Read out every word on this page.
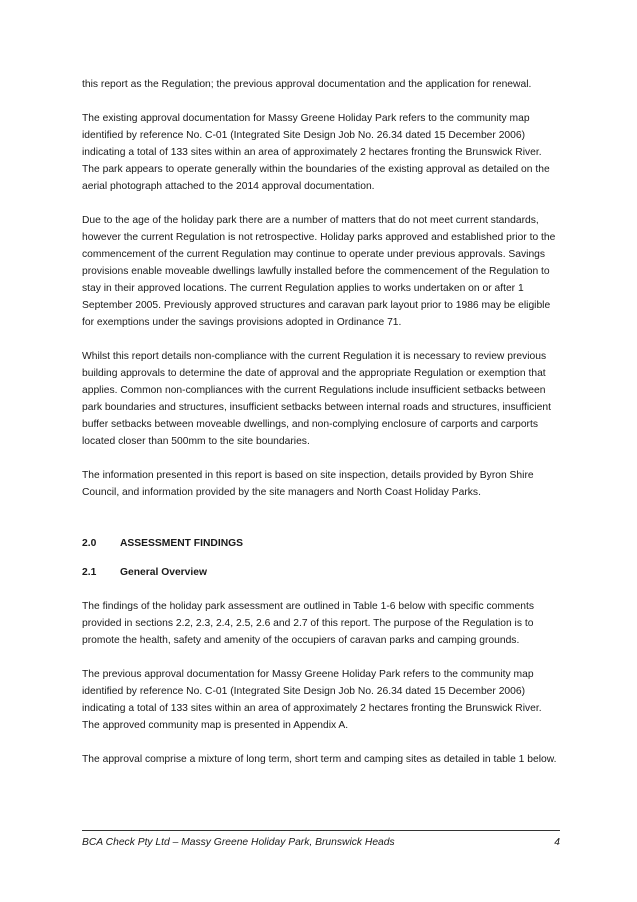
this report as the Regulation; the previous approval documentation and the application for renewal.

The existing approval documentation for Massy Greene Holiday Park refers to the community map identified by reference No. C-01 (Integrated Site Design Job No. 26.34 dated 15 December 2006) indicating a total of 133 sites within an area of approximately 2 hectares fronting the Brunswick River. The park appears to operate generally within the boundaries of the existing approval as detailed on the aerial photograph attached to the 2014 approval documentation.

Due to the age of the holiday park there are a number of matters that do not meet current standards, however the current Regulation is not retrospective. Holiday parks approved and established prior to the commencement of the current Regulation may continue to operate under previous approvals. Savings provisions enable moveable dwellings lawfully installed before the commencement of the Regulation to stay in their approved locations. The current Regulation applies to works undertaken on or after 1 September 2005. Previously approved structures and caravan park layout prior to 1986 may be eligible for exemptions under the savings provisions adopted in Ordinance 71.

Whilst this report details non-compliance with the current Regulation it is necessary to review previous building approvals to determine the date of approval and the appropriate Regulation or exemption that applies. Common non-compliances with the current Regulations include insufficient setbacks between park boundaries and structures, insufficient setbacks between internal roads and structures, insufficient buffer setbacks between moveable dwellings, and non-complying enclosure of carports and carports located closer than 500mm to the site boundaries.

The information presented in this report is based on site inspection, details provided by Byron Shire Council, and information provided by the site managers and North Coast Holiday Parks.

2.0	ASSESSMENT FINDINGS
2.1	General Overview

The findings of the holiday park assessment are outlined in Table 1-6 below with specific comments provided in sections 2.2, 2.3, 2.4, 2.5, 2.6 and 2.7 of this report. The purpose of the Regulation is to promote the health, safety and amenity of the occupiers of caravan parks and camping grounds.

The previous approval documentation for Massy Greene Holiday Park refers to the community map identified by reference No. C-01 (Integrated Site Design Job No. 26.34 dated 15 December 2006) indicating a total of 133 sites within an area of approximately 2 hectares fronting the Brunswick River. The approved community map is presented in Appendix A.

The approval comprise a mixture of long term, short term and camping sites as detailed in table 1 below.

BCA Check Pty Ltd – Massy Greene Holiday Park, Brunswick Heads	4
